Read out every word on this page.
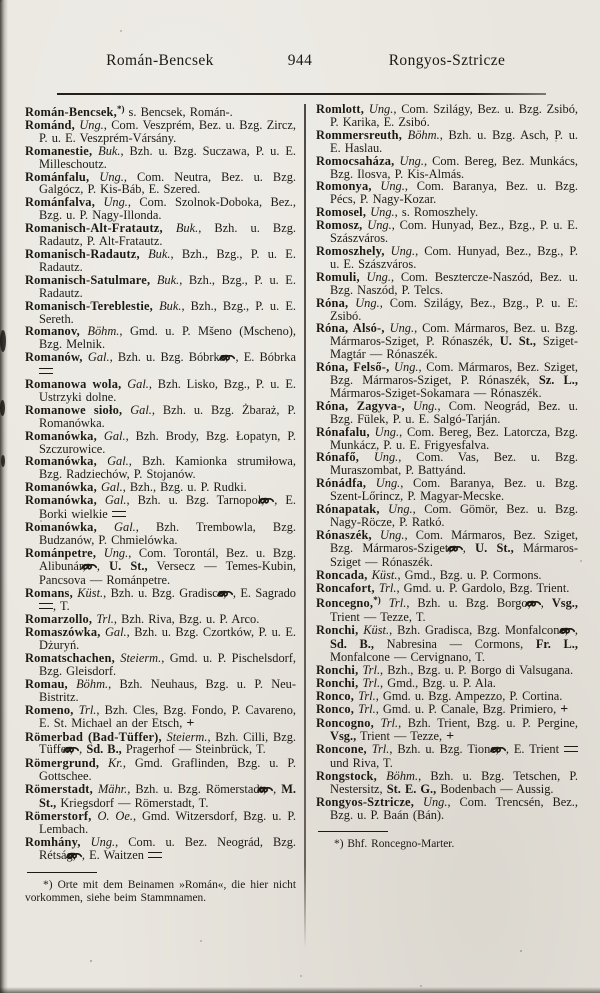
Román-Bencsek	944	Rongyos-Sztricze

Román-Bencsek,*) s. Bencsek, Román-.

Románd, Ung., Com. Veszprém, Bez. u. Bzg. Zircz, P. u. E. Veszprém-Vársány.

Romanestie, Buk., Bzh. u. Bzg. Suczawa, P. u. E. Milleschoutz.

Románfalu, Ung., Com. Neutra, Bez. u. Bzg. Galgócz, P. Kis-Báb, E. Szered.

Románfalva, Ung., Com. Szolnok-Doboka, Bez., Bzg. u. P. Nagy-Illonda.

Romanisch-Alt-Fratautz, Buk., Bzh. u. Bzg. Radautz, P. Alt-Fratautz.

Romanisch-Radautz, Buk., Bzh., Bzg., P. u. E. Radautz.

Romanisch-Satulmare, Buk., Bzh., Bzg., P. u. E. Radautz.

Romanisch-Tereblestie, Buk., Bzh., Bzg., P. u. E. Sereth.

Romanov, Böhm., Gmd. u. P. Mšeno (Mscheno), Bzg. Melnik.

Romanów, Gal., Bzh. u. Bzg. Bóbrka, , E. Bóbrka

Romanowa wola, Gal., Bzh. Lisko, Bzg., P. u. E. Ustrzyki dolne.

Romanowe sioło, Gal., Bzh. u. Bzg. Żbaraż, P. Romanówka.

Romanówka, Gal., Bzh. Brody, Bzg. Łopatyn, P. Szczurowice.

Romanówka, Gal., Bzh. Kamionka strumiłowa, Bzg. Radziechów, P. Stojanów.

Romanówka, Gal., Bzh., Bzg. u. P. Rudki.

Romanówka, Gal., Bzh. u. Bzg. Tarnopol, , E. Borki wielkie

Romanówka, Gal., Bzh. Trembowla, Bzg. Budzanów, P. Chmielówka.

Románpetre, Ung., Com. Torontál, Bez. u. Bzg. Alibunár, , U. St., Versecz — Temes-Kubin, Pancsova — Románpetre.

Romans, Küst., Bzh. u. Bzg. Gradisca, , E. Sagrado , T.

Romarzollo, Trl., Bzh. Riva, Bzg. u. P. Arco.

Romaszówka, Gal., Bzh. u. Bzg. Czortków, P. u. E. Dżuryń.

Romatschachen, Steierm., Gmd. u. P. Pischelsdorf, Bzg. Gleisdorf.

Romau, Böhm., Bzh. Neuhaus, Bzg. u. P. Neu-Bistritz.

Romeno, Trl., Bzh. Cles, Bzg. Fondo, P. Cavareno, E. St. Michael an der Etsch, +

Römerbad (Bad-Tüffer), Steierm., Bzh. Cilli, Bzg. Tüffer, , Sd. B., Pragerhof — Steinbrück, T.

Römergrund, Kr., Gmd. Graflinden, Bzg. u. P. Gottschee.

Römerstadt, Mähr., Bzh. u. Bzg. Römerstadt, , M. St., Kriegsdorf — Römerstadt, T.

Römerstorf, O. Oe., Gmd. Witzersdorf, Bzg. u. P. Lembach.

Romhány, Ung., Com. u. Bez. Neográd, Bzg. Rétság, , E. Waitzen

*) Orte mit dem Beinamen »Román«, die hier nicht vorkommen, siehe beim Stammnamen.

Romlott, Ung., Com. Szilágy, Bez. u. Bzg. Zsibó, P. Karika, E. Zsibó.

Rommersreuth, Böhm., Bzh. u. Bzg. Asch, P. u. E. Haslau.

Romocsaháza, Ung., Com. Bereg, Bez. Munkács, Bzg. Ilosva, P. Kis-Almás.

Romonya, Ung., Com. Baranya, Bez. u. Bzg. Pécs, P. Nagy-Kozar.

Romosel, Ung., s. Romoszhely.

Romosz, Ung., Com. Hunyad, Bez., Bzg., P. u. E. Szászváros.

Romoszhely, Ung., Com. Hunyad, Bez., Bzg., P. u. E. Szászváros.

Romuli, Ung., Com. Besztercze-Naszód, Bez. u. Bzg. Naszód, P. Telcs.

Róna, Ung., Com. Szilágy, Bez., Bzg., P. u. E. Zsibó.

Róna, Alsó-, Ung., Com. Mármaros, Bez. u. Bzg. Mármaros-Sziget, P. Rónaszék, U. St., Sziget-Magtár — Rónaszék.

Róna, Felső-, Ung., Com. Mármaros, Bez. Sziget, Bzg. Mármaros-Sziget, P. Rónaszék, Sz. L., Mármaros-Sziget-Sokamara — Rónaszék.

Róna, Zagyva-, Ung., Com. Neográd, Bez. u. Bzg. Fülek, P. u. E. Salgó-Tarján.

Rónafalu, Ung., Com. Bereg, Bez. Latorcza, Bzg. Munkácz, P. u. E. Frigyesfalva.

Rónafő, Ung., Com. Vas, Bez. u. Bzg. Muraszombat, P. Battyánd.

Rónádfa, Ung., Com. Baranya, Bez. u. Bzg. Szent-Lőrincz, P. Magyar-Mecske.

Rónapatak, Ung., Com. Gömör, Bez. u. Bzg. Nagy-Röcze, P. Ratkó.

Rónaszék, Ung., Com. Mármaros, Bez. Sziget, Bzg. Mármaros-Sziget, , U. St., Mármaros-Sziget — Rónaszék.

Roncada, Küst., Gmd., Bzg. u. P. Cormons.

Roncafort, Trl., Gmd. u. P. Gardolo, Bzg. Trient.

Roncegno,*) Trl., Bzh. u. Bzg. Borgo, , Vsg., Trient — Tezze, T.

Ronchi, Küst., Bzh. Gradisca, Bzg. Monfalcone, , Sd. B., Nabresina — Cormons, Fr. L., Monfalcone — Cervignano, T.

Ronchi, Trl., Bzh., Bzg. u. P. Borgo di Valsugana.

Ronchi, Trl., Gmd., Bzg. u. P. Ala.

Ronco, Trl., Gmd. u. Bzg. Ampezzo, P. Cortina.

Ronco, Trl., Gmd. u. P. Canale, Bzg. Primiero, +

Roncogno, Trl., Bzh. Trient, Bzg. u. P. Pergine, Vsg., Trient — Tezze, +

Roncone, Trl., Bzh. u. Bzg. Tione, , E. Trient  und Riva, T.

Rongstock, Böhm., Bzh. u. Bzg. Tetschen, P. Nestersitz, St. E. G., Bodenbach — Aussig.

Rongyos-Sztricze, Ung., Com. Trencsén, Bez., Bzg. u. P. Baán (Bán).

*) Bhf. Roncegno-Marter.
